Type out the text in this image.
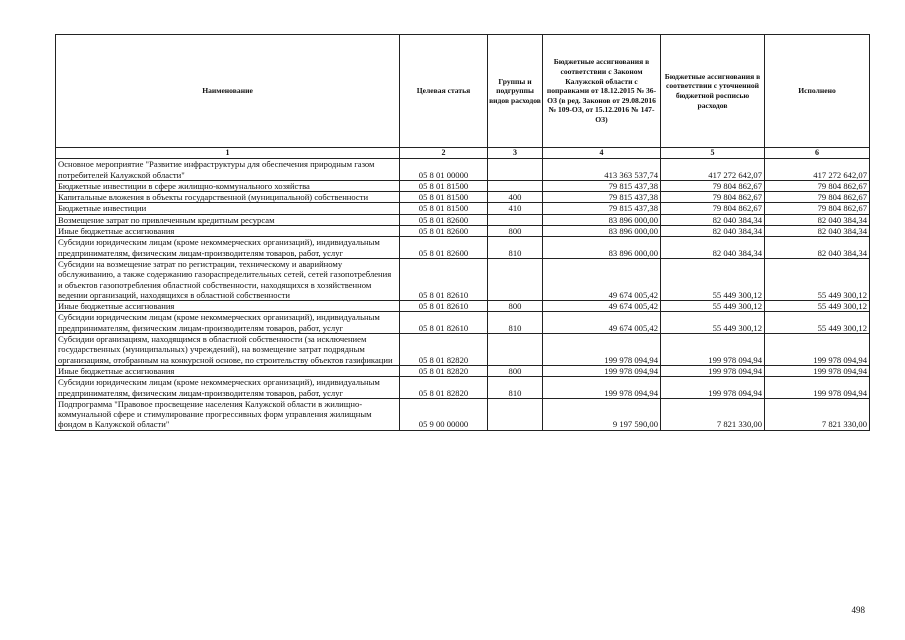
Наименование	Целевая статья	Группы и подгруппы видов расходов	Бюджетные ассигнования в соответствии с Законом Калужской области с поправками от 18.12.2015 № 36-ОЗ (в ред. Законов от 29.08.2016 № 109-ОЗ, от 15.12.2016 № 147-ОЗ)	Бюджетные ассигнования в соответствии с уточненной бюджетной росписью расходов	Исполнено
1	2	3	4	5	6
Основное мероприятие "Развитие инфраструктуры для обеспечения природным газом потребителей Калужской области"	05 8 01 00000		413 363 537,74	417 272 642,07	417 272 642,07
Бюджетные инвестиции в сфере жилищно-коммунального хозяйства	05 8 01 81500		79 815 437,38	79 804 862,67	79 804 862,67
Капитальные вложения в объекты государственной (муниципальной) собственности	05 8 01 81500	400	79 815 437,38	79 804 862,67	79 804 862,67
Бюджетные инвестиции	05 8 01 81500	410	79 815 437,38	79 804 862,67	79 804 862,67
Возмещение затрат по привлеченным кредитным ресурсам	05 8 01 82600		83 896 000,00	82 040 384,34	82 040 384,34
Иные бюджетные ассигнования	05 8 01 82600	800	83 896 000,00	82 040 384,34	82 040 384,34
Субсидии юридическим лицам (кроме некоммерческих организаций), индивидуальным предпринимателям, физическим лицам-производителям товаров, работ, услуг	05 8 01 82600	810	83 896 000,00	82 040 384,34	82 040 384,34
Субсидии на возмещение затрат по регистрации, техническому и аварийному обслуживанию, а также содержанию газораспределительных сетей, сетей газопотребления и объектов газопотребления областной собственности, находящихся в хозяйственном ведении организаций, находящихся в областной собственности	05 8 01 82610		49 674 005,42	55 449 300,12	55 449 300,12
Иные бюджетные ассигнования	05 8 01 82610	800	49 674 005,42	55 449 300,12	55 449 300,12
Субсидии юридическим лицам (кроме некоммерческих организаций), индивидуальным предпринимателям, физическим лицам-производителям товаров, работ, услуг	05 8 01 82610	810	49 674 005,42	55 449 300,12	55 449 300,12
Субсидии организациям, находящимся в областной собственности (за исключением государственных (муниципальных) учреждений), на возмещение затрат подрядным организациям, отобранным на конкурсной основе, по строительству объектов газификации	05 8 01 82820		199 978 094,94	199 978 094,94	199 978 094,94
Иные бюджетные ассигнования	05 8 01 82820	800	199 978 094,94	199 978 094,94	199 978 094,94
Субсидии юридическим лицам (кроме некоммерческих организаций), индивидуальным предпринимателям, физическим лицам-производителям товаров, работ, услуг	05 8 01 82820	810	199 978 094,94	199 978 094,94	199 978 094,94
Подпрограмма "Правовое просвещение населения Калужской области в жилищно-коммунальной сфере и стимулирование прогрессивных форм управления жилищным фондом в Калужской области"	05 9 00 00000		9 197 590,00	7 821 330,00	7 821 330,00
498
